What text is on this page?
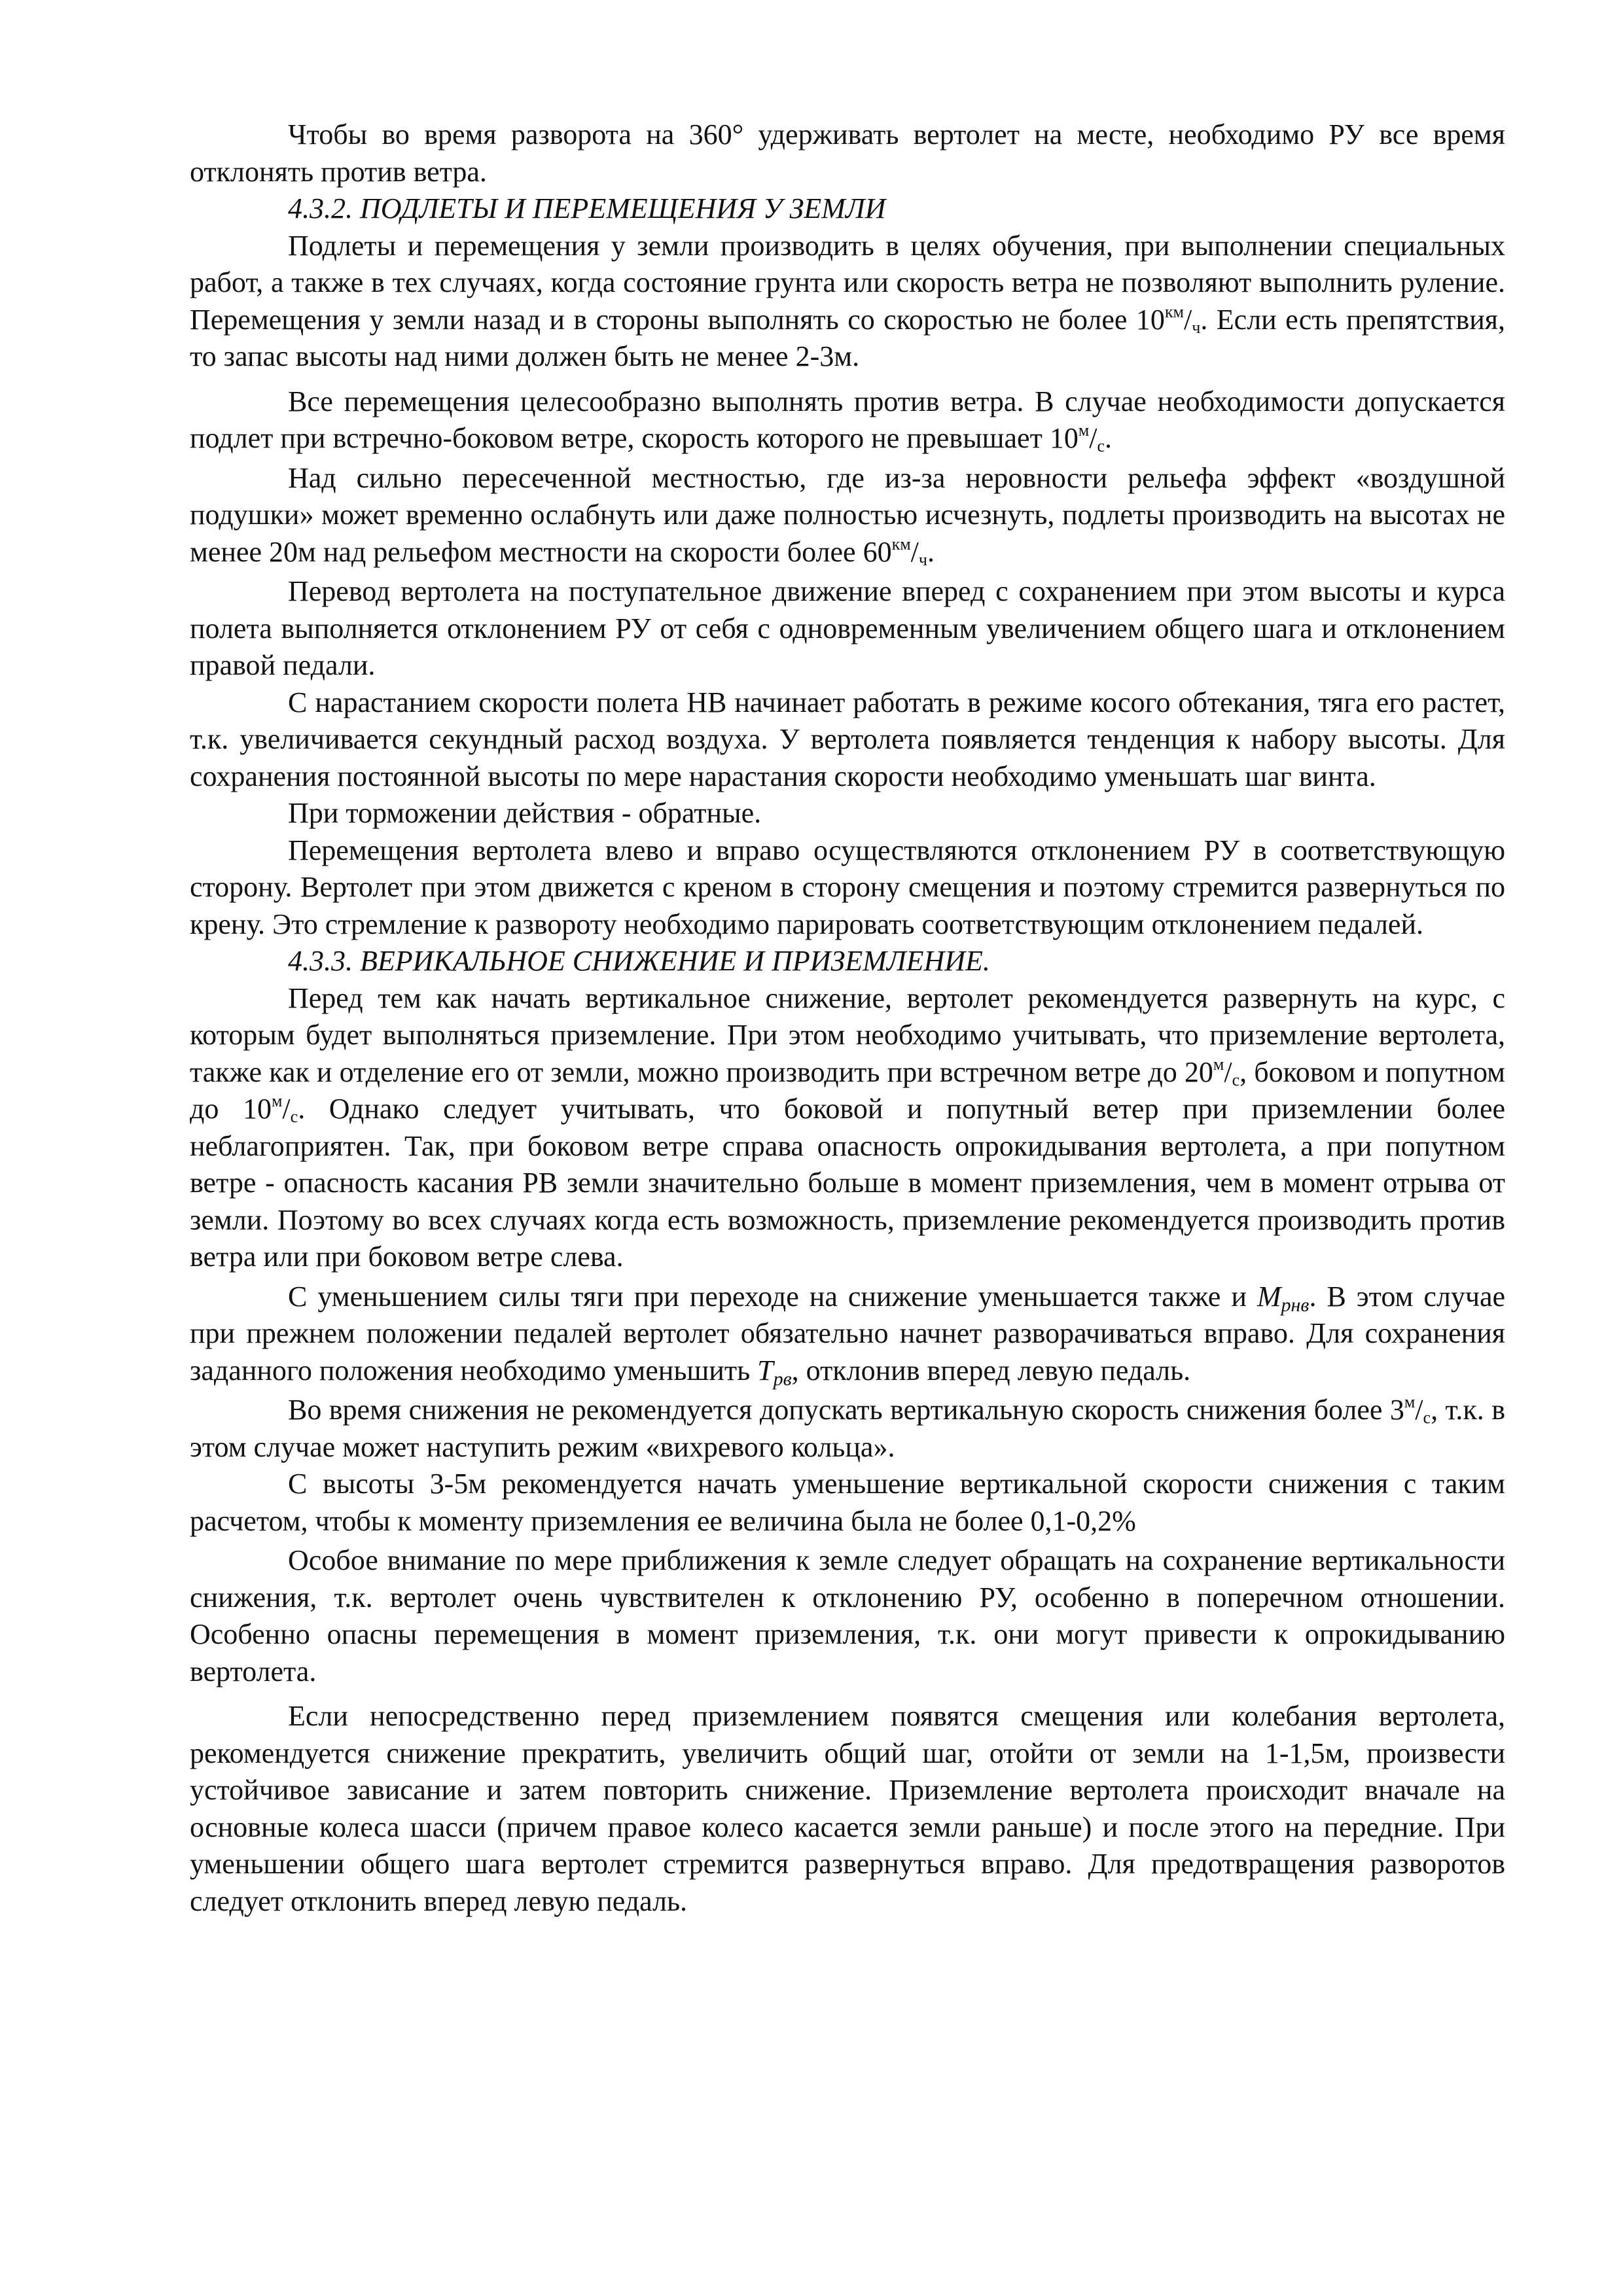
Чтобы во время разворота на 360° удерживать вертолет на месте, необходимо РУ все время отклонять против ветра.

4.3.2. ПОДЛЕТЫ И ПЕРЕМЕЩЕНИЯ У ЗЕМЛИ

Подлеты и перемещения у земли производить в целях обучения, при выполнении специальных работ, а также в тех случаях, когда состояние грунта или скорость ветра не позволяют выполнить руление. Перемещения у земли назад и в стороны выполнять со скоростью не более $10^{км}/_ч$. Если есть препятствия, то запас высоты над ними должен быть не менее 2-3м.

Все перемещения целесообразно выполнять против ветра. В случае необходимости допускается подлет при встречно-боковом ветре, скорость которого не превышает $10^м/_с$.

Над сильно пересеченной местностью, где из-за неровности рельефа эффект «воздушной подушки» может временно ослабнуть или даже полностью исчезнуть, подлеты производить на высотах не менее 20м над рельефом местности на скорости более $60^{км}/_ч$.

Перевод вертолета на поступательное движение вперед с сохранением при этом высоты и курса полета выполняется отклонением РУ от себя с одновременным увеличением общего шага и отклонением правой педали.

С нарастанием скорости полета НВ начинает работать в режиме косого обтекания, тяга его растет, т.к. увеличивается секундный расход воздуха. У вертолета появляется тенденция к набору высоты. Для сохранения постоянной высоты по мере нарастания скорости необходимо уменьшать шаг винта.

При торможении действия - обратные.

Перемещения вертолета влево и вправо осуществляются отклонением РУ в соответствующую сторону. Вертолет при этом движется с креном в сторону смещения и поэтому стремится развернуться по крену. Это стремление к развороту необходимо парировать соответствующим отклонением педалей.

4.3.3. ВЕРИКАЛЬНОЕ СНИЖЕНИЕ И ПРИЗЕМЛЕНИЕ.

Перед тем как начать вертикальное снижение, вертолет рекомендуется развернуть на курс, с которым будет выполняться приземление. При этом необходимо учитывать, что приземление вертолета, также как и отделение его от земли, можно производить при встречном ветре до $20^м/_с$, боковом и попутном до $10^м/_с$. Однако следует учитывать, что боковой и попутный ветер при приземлении более неблагоприятен. Так, при боковом ветре справа опасность опрокидывания вертолета, а при попутном ветре - опасность касания РВ земли значительно больше в момент приземления, чем в момент отрыва от земли. Поэтому во всех случаях когда есть возможность, приземление рекомендуется производить против ветра или при боковом ветре слева.

С уменьшением силы тяги при переходе на снижение уменьшается также и Mрнв. В этом случае при прежнем положении педалей вертолет обязательно начнет разворачиваться вправо. Для сохранения заданного положения необходимо уменьшить Tрв, отклонив вперед левую педаль.

Во время снижения не рекомендуется допускать вертикальную скорость снижения более $3^м/_с$, т.к. в этом случае может наступить режим «вихревого кольца».

С высоты 3-5м рекомендуется начать уменьшение вертикальной скорости снижения с таким расчетом, чтобы к моменту приземления ее величина была не более 0,1-0,2%

Особое внимание по мере приближения к земле следует обращать на сохранение вертикальности снижения, т.к. вертолет очень чувствителен к отклонению РУ, особенно в поперечном отношении. Особенно опасны перемещения в момент приземления, т.к. они могут привести к опрокидыванию вертолета.

Если непосредственно перед приземлением появятся смещения или колебания вертолета, рекомендуется снижение прекратить, увеличить общий шаг, отойти от земли на 1-1,5м, произвести устойчивое зависание и затем повторить снижение. Приземление вертолета происходит вначале на основные колеса шасси (причем правое колесо касается земли раньше) и после этого на передние. При уменьшении общего шага вертолет стремится развернуться вправо. Для предотвращения разворотов следует отклонить вперед левую педаль.
